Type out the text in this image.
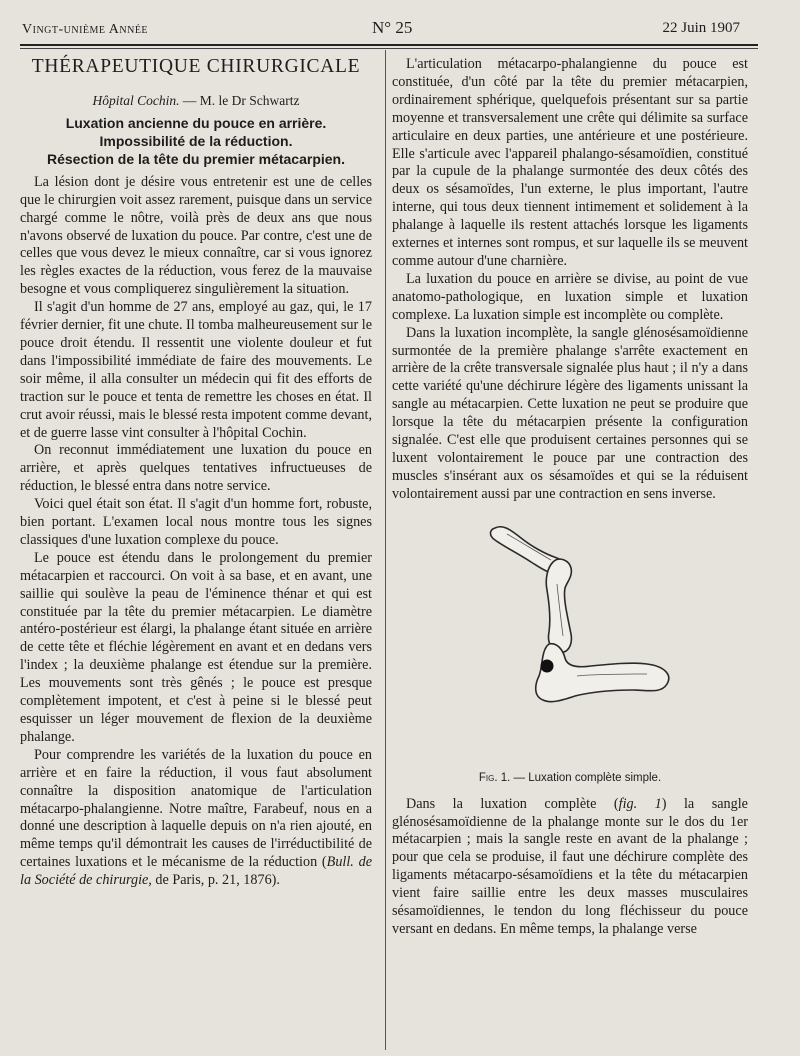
Vingt-unième Année	N° 25	22 Juin 1907
THÉRAPEUTIQUE CHIRURGICALE
Hôpital Cochin. — M. le Dr Schwartz
Luxation ancienne du pouce en arrière.
Impossibilité de la réduction.
Résection de la tête du premier métacarpien.

La lésion dont je désire vous entretenir est une de celles que le chirurgien voit assez rarement, puisque dans un service chargé comme le nôtre, voilà près de deux ans que nous n'avons observé de luxation du pouce. Par contre, c'est une de celles que vous devez le mieux connaître, car si vous ignorez les règles exactes de la réduction, vous ferez de la mauvaise besogne et vous compliquerez singulièrement la situation.

Il s'agit d'un homme de 27 ans, employé au gaz, qui, le 17 février dernier, fit une chute. Il tomba malheureusement sur le pouce droit étendu. Il ressentit une violente douleur et fut dans l'impossibilité immédiate de faire des mouvements. Le soir même, il alla consulter un médecin qui fit des efforts de traction sur le pouce et tenta de remettre les choses en état. Il crut avoir réussi, mais le blessé resta impotent comme devant, et de guerre lasse vint consulter à l'hôpital Cochin.

On reconnut immédiatement une luxation du pouce en arrière, et après quelques tentatives infructueuses de réduction, le blessé entra dans notre service.

Voici quel était son état. Il s'agit d'un homme fort, robuste, bien portant. L'examen local nous montre tous les signes classiques d'une luxation complexe du pouce.

Le pouce est étendu dans le prolongement du premier métacarpien et raccourci. On voit à sa base, et en avant, une saillie qui soulève la peau de l'éminence thénar et qui est constituée par la tête du premier métacarpien. Le diamètre antéro-postérieur est élargi, la phalange étant située en arrière de cette tête et fléchie légèrement en avant et en dedans vers l'index ; la deuxième phalange est étendue sur la première. Les mouvements sont très gênés ; le pouce est presque complètement impotent, et c'est à peine si le blessé peut esquisser un léger mouvement de flexion de la deuxième phalange.

Pour comprendre les variétés de la luxation du pouce en arrière et en faire la réduction, il vous faut absolument connaître la disposition anatomique de l'articulation métacarpo-phalangienne. Notre maître, Farabeuf, nous en a donné une description à laquelle depuis on n'a rien ajouté, en même temps qu'il démontrait les causes de l'irréductibilité de certaines luxations et le mécanisme de la réduction (Bull. de la Société de chirurgie, de Paris, p. 21, 1876).

L'articulation métacarpo-phalangienne du pouce est constituée, d'un côté par la tête du premier métacarpien, ordinairement sphérique, quelquefois présentant sur sa partie moyenne et transversalement une crête qui délimite sa surface articulaire en deux parties, une antérieure et une postérieure. Elle s'articule avec l'appareil phalango-sésamoïdien, constitué par la cupule de la phalange surmontée des deux côtés des deux os sésamoïdes, l'un externe, le plus important, l'autre interne, qui tous deux tiennent intimement et solidement à la phalange à laquelle ils restent attachés lorsque les ligaments externes et internes sont rompus, et sur laquelle ils se meuvent comme autour d'une charnière.

La luxation du pouce en arrière se divise, au point de vue anatomo-pathologique, en luxation simple et luxation complexe. La luxation simple est incomplète ou complète.

Dans la luxation incomplète, la sangle glénosésamoïdienne surmontée de la première phalange s'arrête exactement en arrière de la crête transversale signalée plus haut ; il n'y a dans cette variété qu'une déchirure légère des ligaments unissant la sangle au métacarpien. Cette luxation ne peut se produire que lorsque la tête du métacarpien présente la configuration signalée. C'est elle que produisent certaines personnes qui se luxent volontairement le pouce par une contraction des muscles s'insérant aux os sésamoïdes et qui se la réduisent volontairement aussi par une contraction en sens inverse.

Fig. 1. — Luxation complète simple.

Dans la luxation complète (fig. 1) la sangle glénosésamoïdienne de la phalange monte sur le dos du 1er métacarpien ; mais la sangle reste en avant de la phalange ; pour que cela se produise, il faut une déchirure complète des ligaments métacarpo-sésamoïdiens et la tête du métacarpien vient faire saillie entre les deux masses musculaires sésamoïdiennes, le tendon du long fléchisseur du pouce versant en dedans. En même temps, la phalange verse
